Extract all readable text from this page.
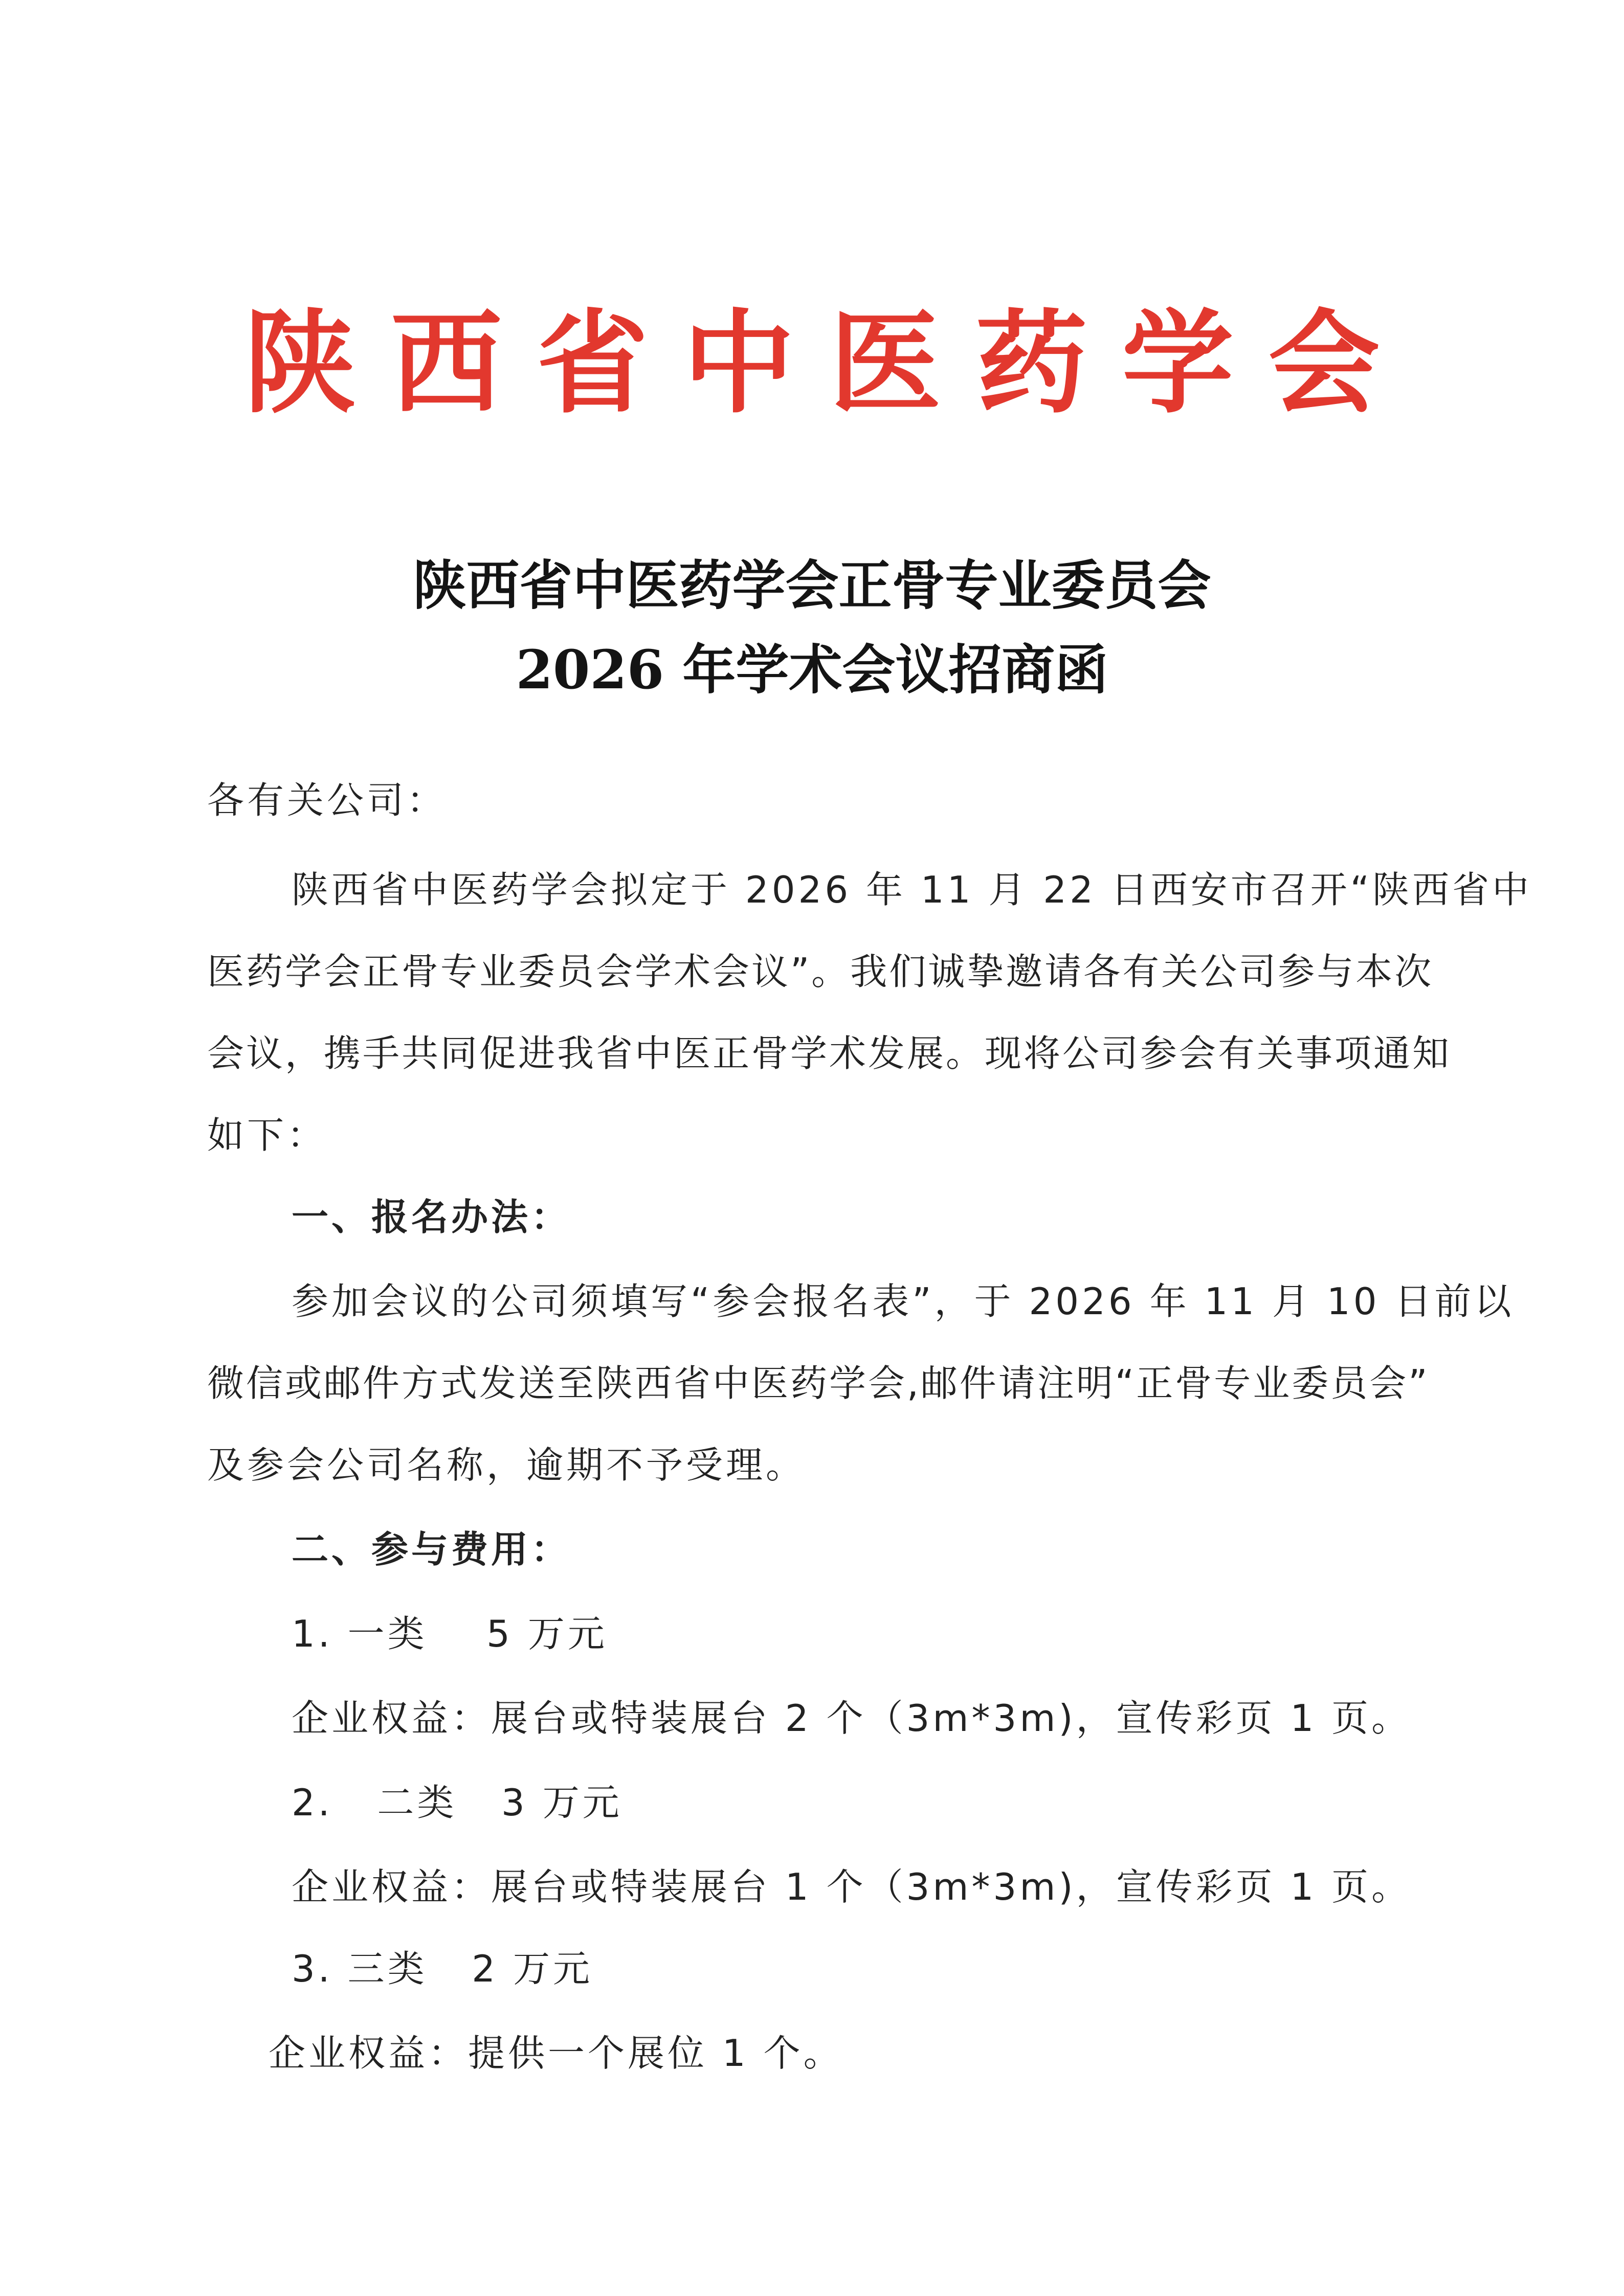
陕西省中医药学会
陕西省中医药学会正骨专业委员会
2026 年学术会议招商函
各有关公司：
陕西省中医药学会拟定于 2026 年 11 月 22 日西安市召开“陕西省中
医药学会正骨专业委员会学术会议”。我们诚挚邀请各有关公司参与本次
会议，携手共同促进我省中医正骨学术发展。现将公司参会有关事项通知
如下：
一、报名办法：
参加会议的公司须填写“参会报名表”，于 2026 年 11 月 10 日前以
微信或邮件方式发送至陕西省中医药学会,邮件请注明“正骨专业委员会”
及参会公司名称，逾期不予受理。
二、参与费用：
1. 一类    5 万元
企业权益：展台或特装展台 2 个（3m*3m)，宣传彩页 1 页。
2.   二类   3 万元
企业权益：展台或特装展台 1 个（3m*3m)，宣传彩页 1 页。
3. 三类   2 万元
企业权益：提供一个展位 1 个。
